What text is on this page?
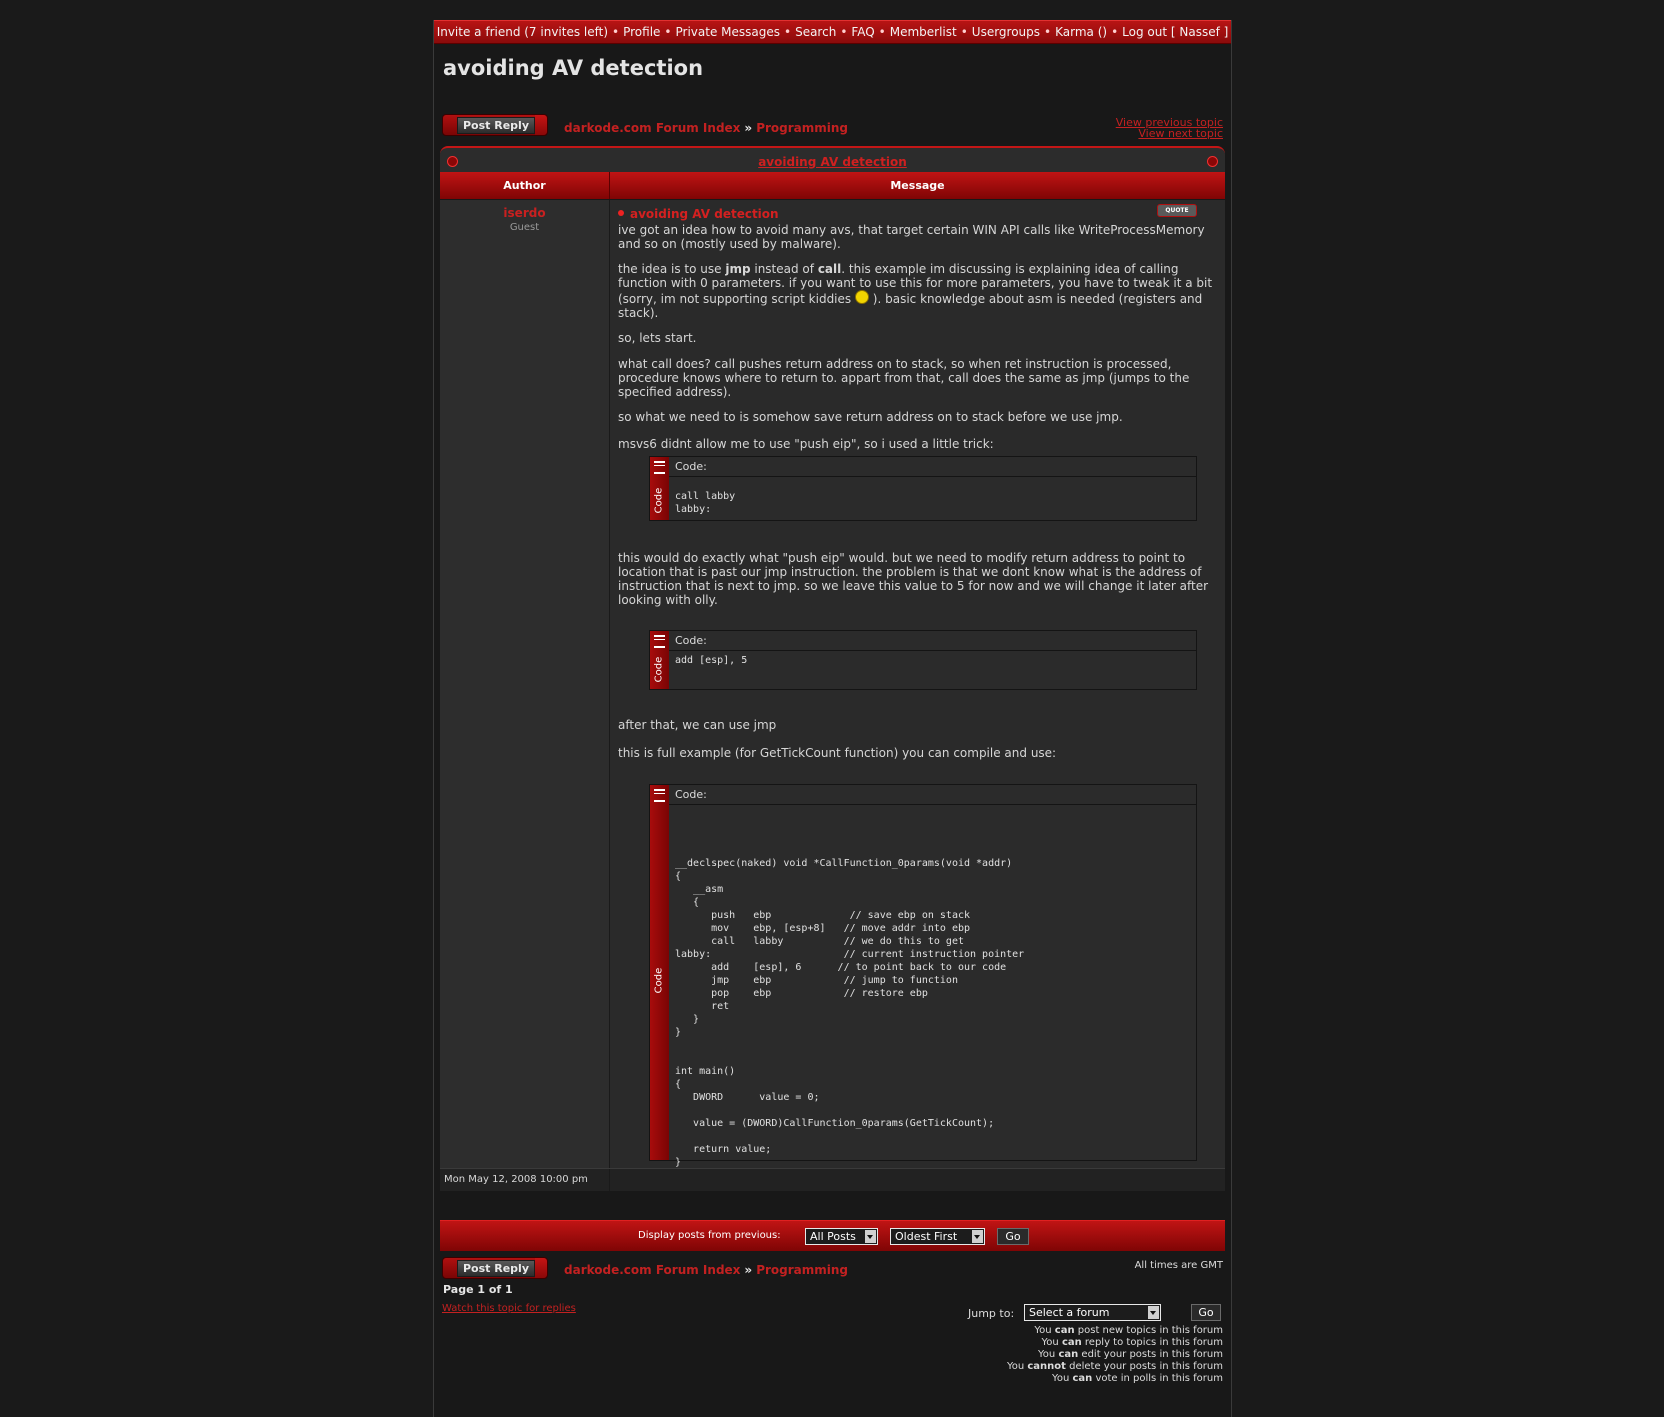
Invite a friend (7 invites left) • Profile • Private Messages • Search • FAQ • Memberlist • Usergroups • Karma () • Log out [ Nassef ]
avoiding AV detection
Post Reply	darkode.com Forum Index » Programming	View previous topic
View next topic
avoiding AV detection
Author	Message
iserdo
Guest
avoiding AV detection	QUOTE
ive got an idea how to avoid many avs, that target certain WIN API calls like WriteProcessMemory and so on (mostly used by malware).
the idea is to use jmp instead of call. this example im discussing is explaining idea of calling function with 0 parameters. if you want to use this for more parameters, you have to tweak it a bit (sorry, im not supporting script kiddies  ). basic knowledge about asm is needed (registers and stack).
so, lets start.
what call does? call pushes return address on to stack, so when ret instruction is processed, procedure knows where to return to. appart from that, call does the same as jmp (jumps to the specified address).
so what we need to is somehow save return address on to stack before we use jmp.
msvs6 didnt allow me to use "push eip", so i used a little trick:
Code
Code:

call labby
labby:
this would do exactly what "push eip" would. but we need to modify return address to point to location that is past our jmp instruction. the problem is that we dont know what is the address of instruction that is next to jmp. so we leave this value to 5 for now and we will change it later after looking with olly.
Code
Code:
add [esp], 5
after that, we can use jmp
this is full example (for GetTickCount function) you can compile and use:
Code
Code:

__declspec(naked) void *CallFunction_0params(void *addr)
{
__asm
{
push   ebp             // save ebp on stack
mov    ebp, [esp+8]   // move addr into ebp
call   labby          // we do this to get
labby:                      // current instruction pointer
add    [esp], 6      // to point back to our code
jmp    ebp            // jump to function
pop    ebp            // restore ebp
ret
}
}

int main()
{
DWORD      value = 0;

value = (DWORD)CallFunction_0params(GetTickCount);

return value;
}
Mon May 12, 2008 10:00 pm
Display posts from previous:	All Posts	Oldest First	Go
Post Reply	darkode.com Forum Index » Programming	All times are GMT
Page 1 of 1
Watch this topic for replies	Jump to:	Select a forum	Go
You can post new topics in this forum
You can reply to topics in this forum
You can edit your posts in this forum
You cannot delete your posts in this forum
You can vote in polls in this forum
